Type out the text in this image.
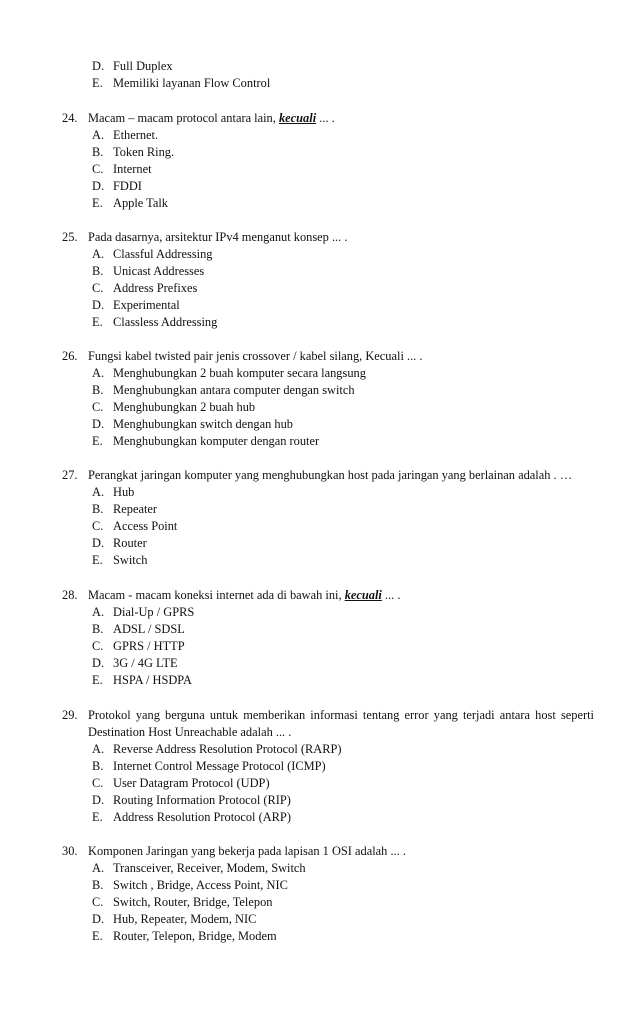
D. Full Duplex
E. Memiliki layanan Flow Control
24. Macam – macam protocol antara lain, kecuali ... .
A. Ethernet.
B. Token Ring.
C. Internet
D. FDDI
E. Apple Talk
25. Pada dasarnya, arsitektur IPv4 menganut konsep ... .
A. Classful Addressing
B. Unicast Addresses
C. Address Prefixes
D. Experimental
E. Classless Addressing
26. Fungsi kabel twisted pair jenis crossover / kabel silang, Kecuali ... .
A. Menghubungkan 2 buah komputer secara langsung
B. Menghubungkan antara computer dengan switch
C. Menghubungkan 2 buah hub
D. Menghubungkan switch dengan hub
E. Menghubungkan komputer dengan router
27. Perangkat jaringan komputer yang menghubungkan host pada jaringan yang berlainan adalah . …
A. Hub
B. Repeater
C. Access Point
D. Router
E. Switch
28. Macam - macam koneksi internet ada di bawah ini, kecuali ... .
A. Dial-Up / GPRS
B. ADSL / SDSL
C. GPRS / HTTP
D. 3G / 4G LTE
E. HSPA / HSDPA
29. Protokol yang berguna untuk memberikan informasi tentang error yang terjadi antara host seperti
Destination Host Unreachable adalah ... .
A. Reverse Address Resolution Protocol (RARP)
B. Internet Control Message Protocol (ICMP)
C. User Datagram Protocol (UDP)
D. Routing Information Protocol (RIP)
E. Address Resolution Protocol (ARP)
30. Komponen Jaringan yang bekerja pada lapisan 1 OSI adalah ... .
A. Transceiver, Receiver, Modem, Switch
B. Switch , Bridge, Access Point, NIC
C. Switch, Router, Bridge, Telepon
D. Hub, Repeater, Modem, NIC
E. Router, Telepon, Bridge, Modem
